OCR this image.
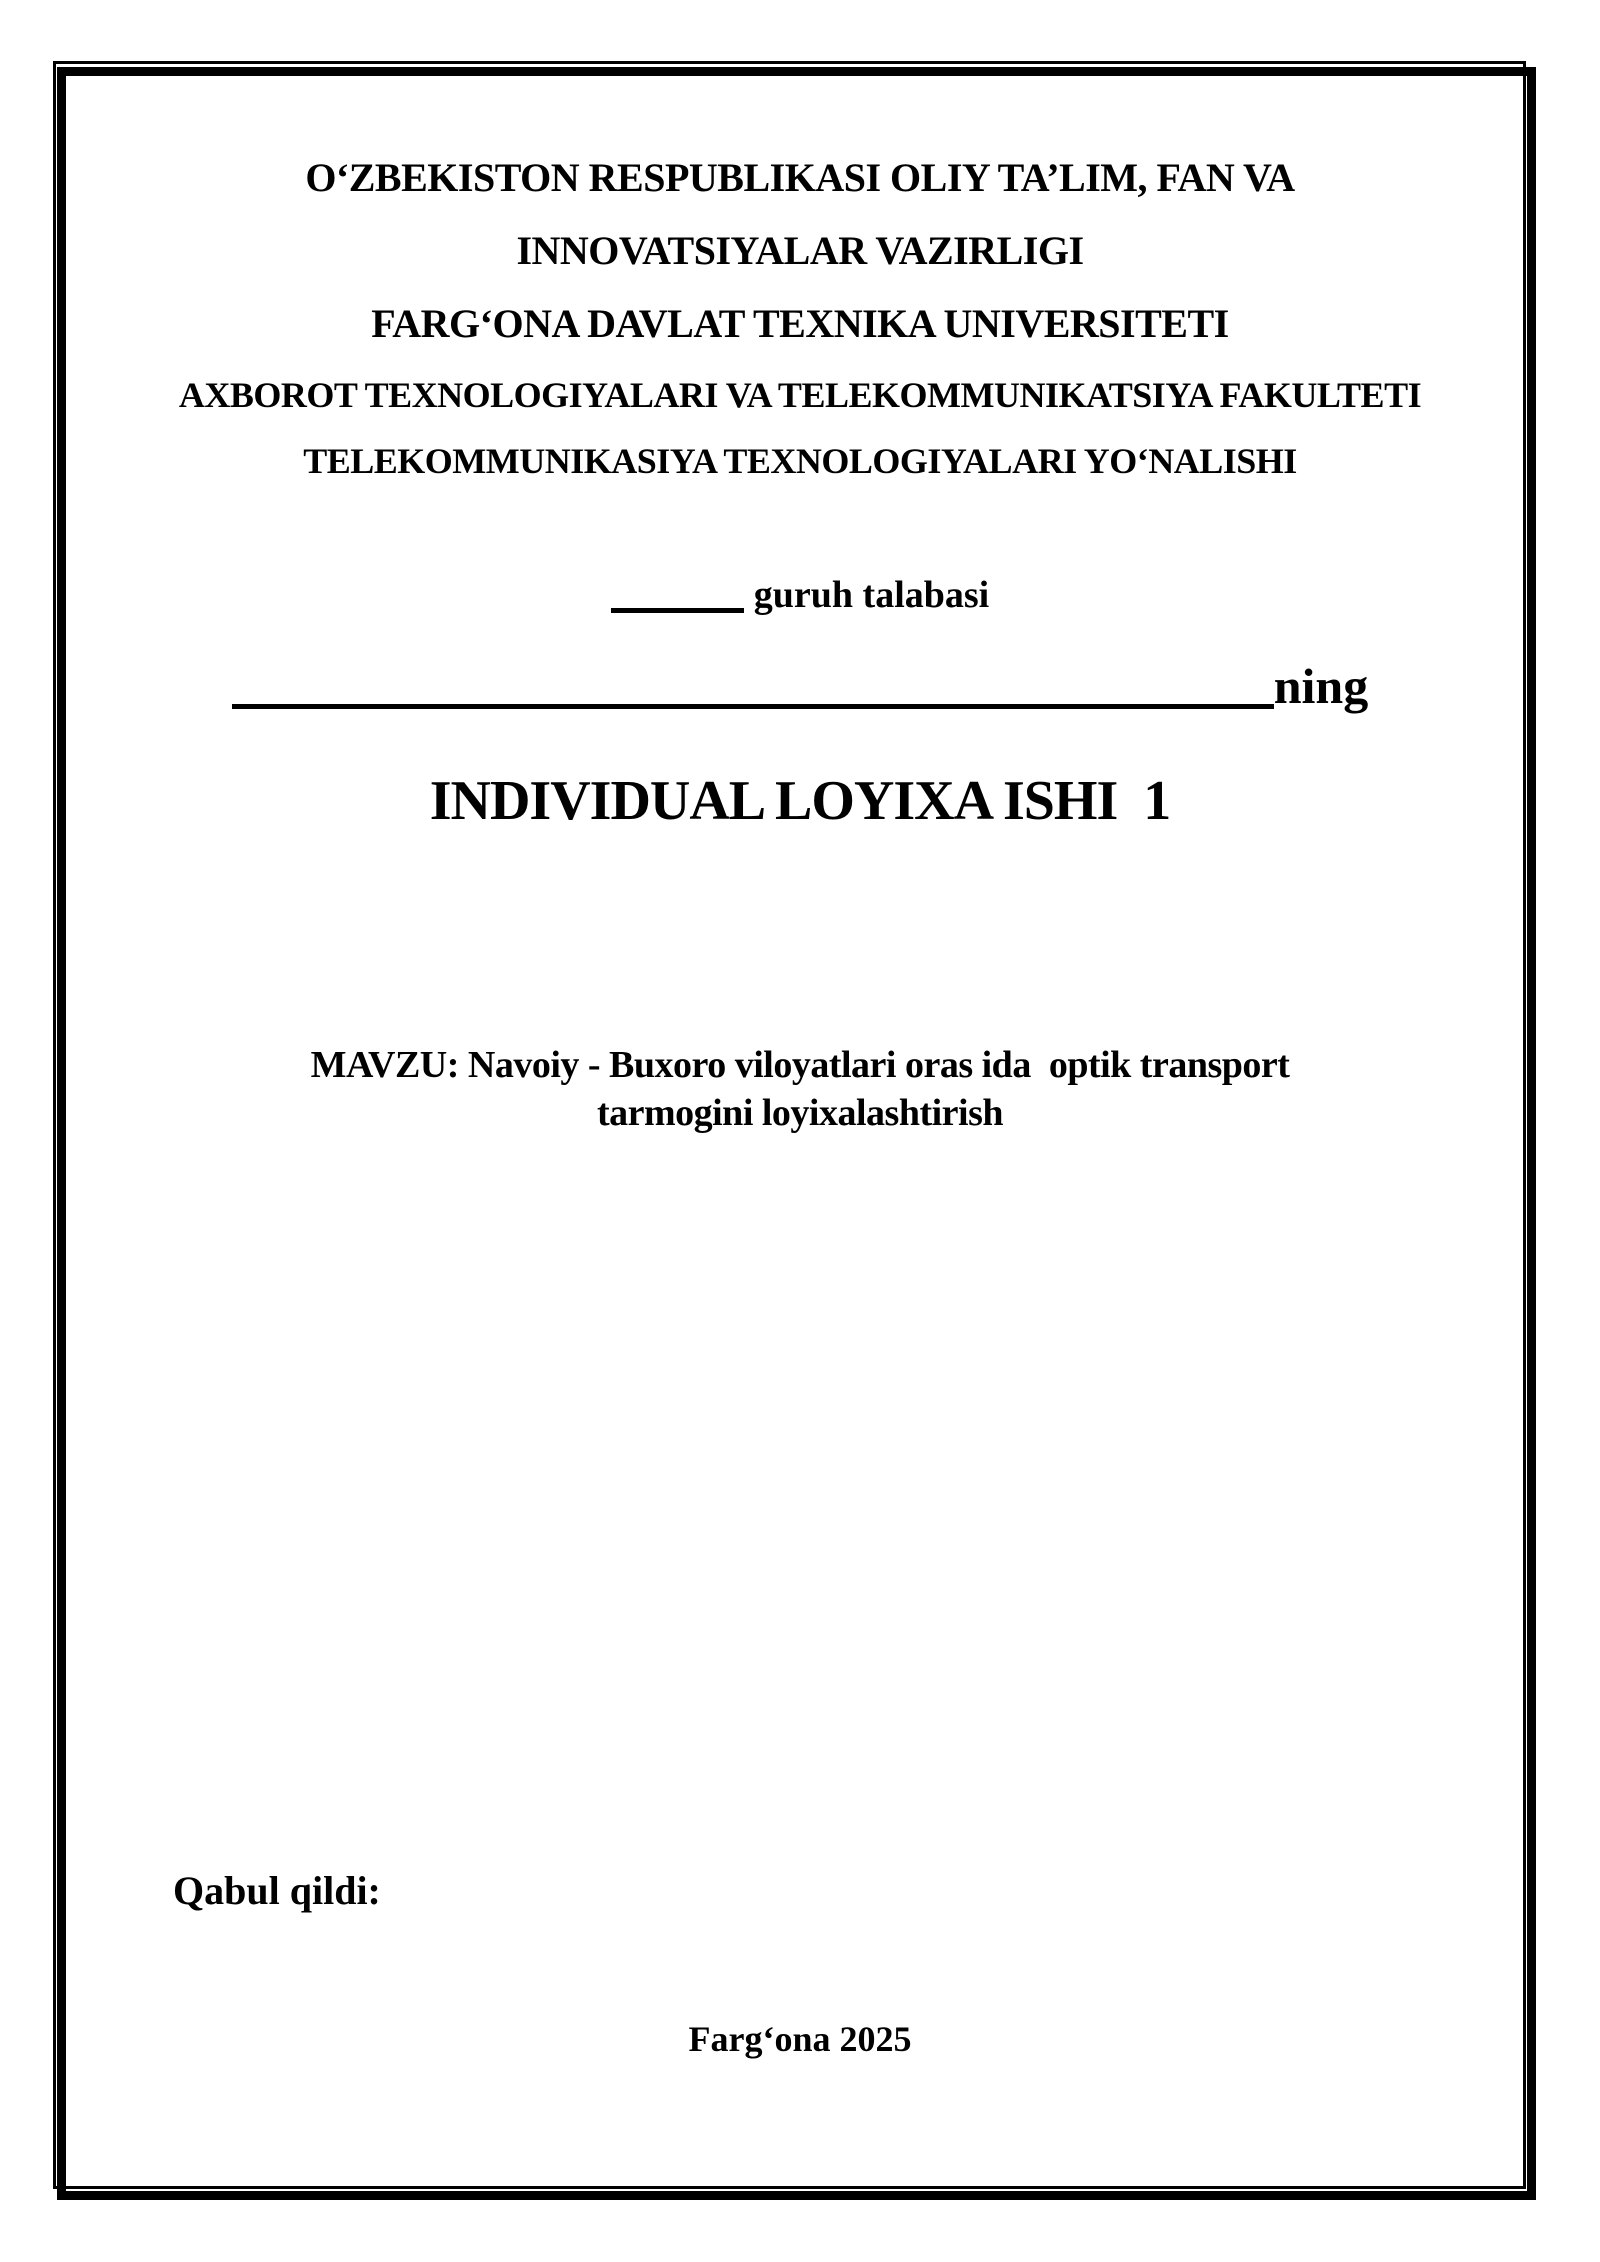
O‘ZBEKISTON RESPUBLIKASI OLIY TA’LIM, FAN VA
INNOVATSIYALAR VAZIRLIGI
FARG‘ONA DAVLAT TEXNIKA UNIVERSITETI
AXBOROT TEXNOLOGIYALARI VA TELEKOMMUNIKATSIYA FAKULTETI
TELEKOMMUNIKASIYA TEXNOLOGIYALARI YO‘NALISHI
guruh talabasi
ning
INDIVIDUAL LOYIXA ISHI  1
MAVZU: Navoiy - Buxoro viloyatlari oras ida  optik transport
tarmogini loyixalashtirish
Qabul qildi:
Farg‘ona 2025
